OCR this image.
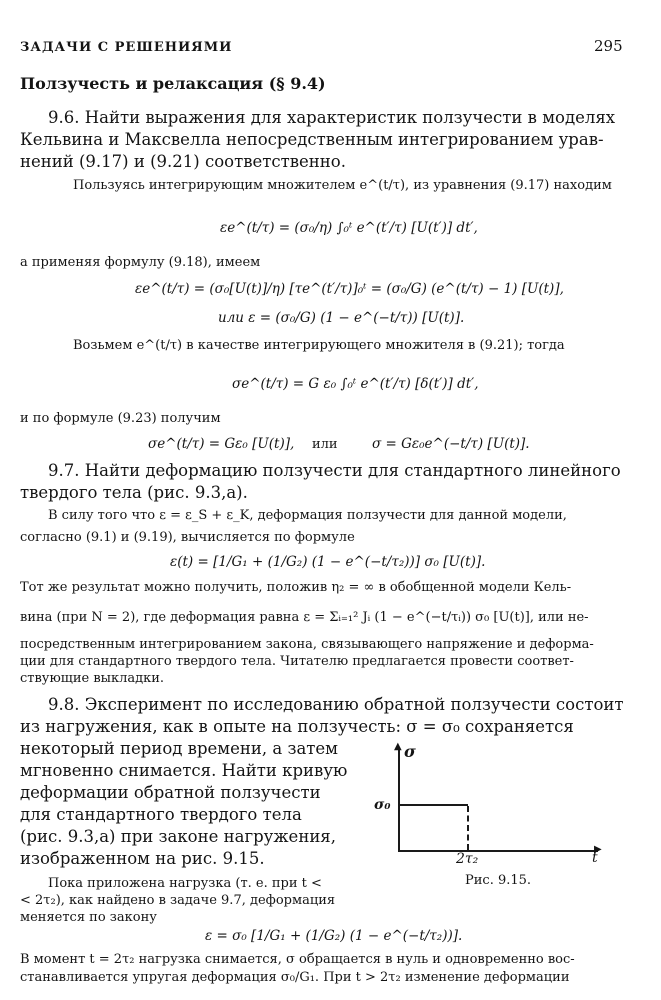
ЗАДАЧИ С РЕШЕНИЯМИ	295
Ползучесть и релаксация (§ 9.4)
9.6. Найти выражения для характеристик ползучести в моделях
Кельвина и Максвелла непосредственным интегрированием урав-
нений (9.17) и (9.21) соответственно.
Пользуясь интегрирующим множителем e^(t/τ), из уравнения (9.17) находим
εe^(t/τ) = (σ₀/η) ∫₀ᵗ e^(t′/τ) [U(t′)] dt′,
а применяя формулу (9.18), имеем
εe^(t/τ) = (σ₀[U(t)]/η) [τe^(t′/τ)]₀ᵗ = (σ₀/G) (e^(t/τ) − 1) [U(t)],
или ε = (σ₀/G) (1 − e^(−t/τ)) [U(t)].
Возьмем e^(t/τ) в качестве интегрирующего множителя в (9.21); тогда
σe^(t/τ) = G ε₀ ∫₀ᵗ e^(t′/τ) [δ(t′)] dt′,
и по формуле (9.23) получим
σe^(t/τ) = Gε₀ [U(t)], или	σ = Gε₀e^(−t/τ) [U(t)].
9.7. Найти деформацию ползучести для стандартного линейного
твердого тела (рис. 9.3,а).
В силу того что ε = ε_S + ε_K, деформация ползучести для данной модели,
согласно (9.1) и (9.19), вычисляется по формуле
ε(t) = [1/G₁ + (1/G₂) (1 − e^(−t/τ₂))] σ₀ [U(t)].
Тот же результат можно получить, положив η₂ = ∞ в обобщенной модели Кель-
вина (при N = 2), где деформация равна ε = Σᵢ₌₁² Jᵢ (1 − e^(−t/τᵢ)) σ₀ [U(t)], или не-
посредственным интегрированием закона, связывающего напряжение и деформа-
ции для стандартного твердого тела. Читателю предлагается провести соответ-
ствующие выкладки.
9.8. Эксперимент по исследованию обратной ползучести состоит
из нагружения, как в опыте на ползучесть: σ = σ₀ сохраняется
некоторый период времени, а затем
мгновенно снимается. Найти кривую
деформации обратной ползучести
для стандартного твердого тела
(рис. 9.3,а) при законе нагружения,
изображенном на рис. 9.15.
Пока приложена нагрузка (т. е. при t <
< 2τ₂), как найдено в задаче 9.7, деформация
меняется по закону
ε = σ₀ [1/G₁ + (1/G₂) (1 − e^(−t/τ₂))].
В момент t = 2τ₂ нагрузка снимается, σ обращается в нуль и одновременно вос-
станавливается упругая деформация σ₀/G₁. При t > 2τ₂ изменение деформации
σ
▲
▶
σ₀
2τ₂	t
Рис. 9.15.
